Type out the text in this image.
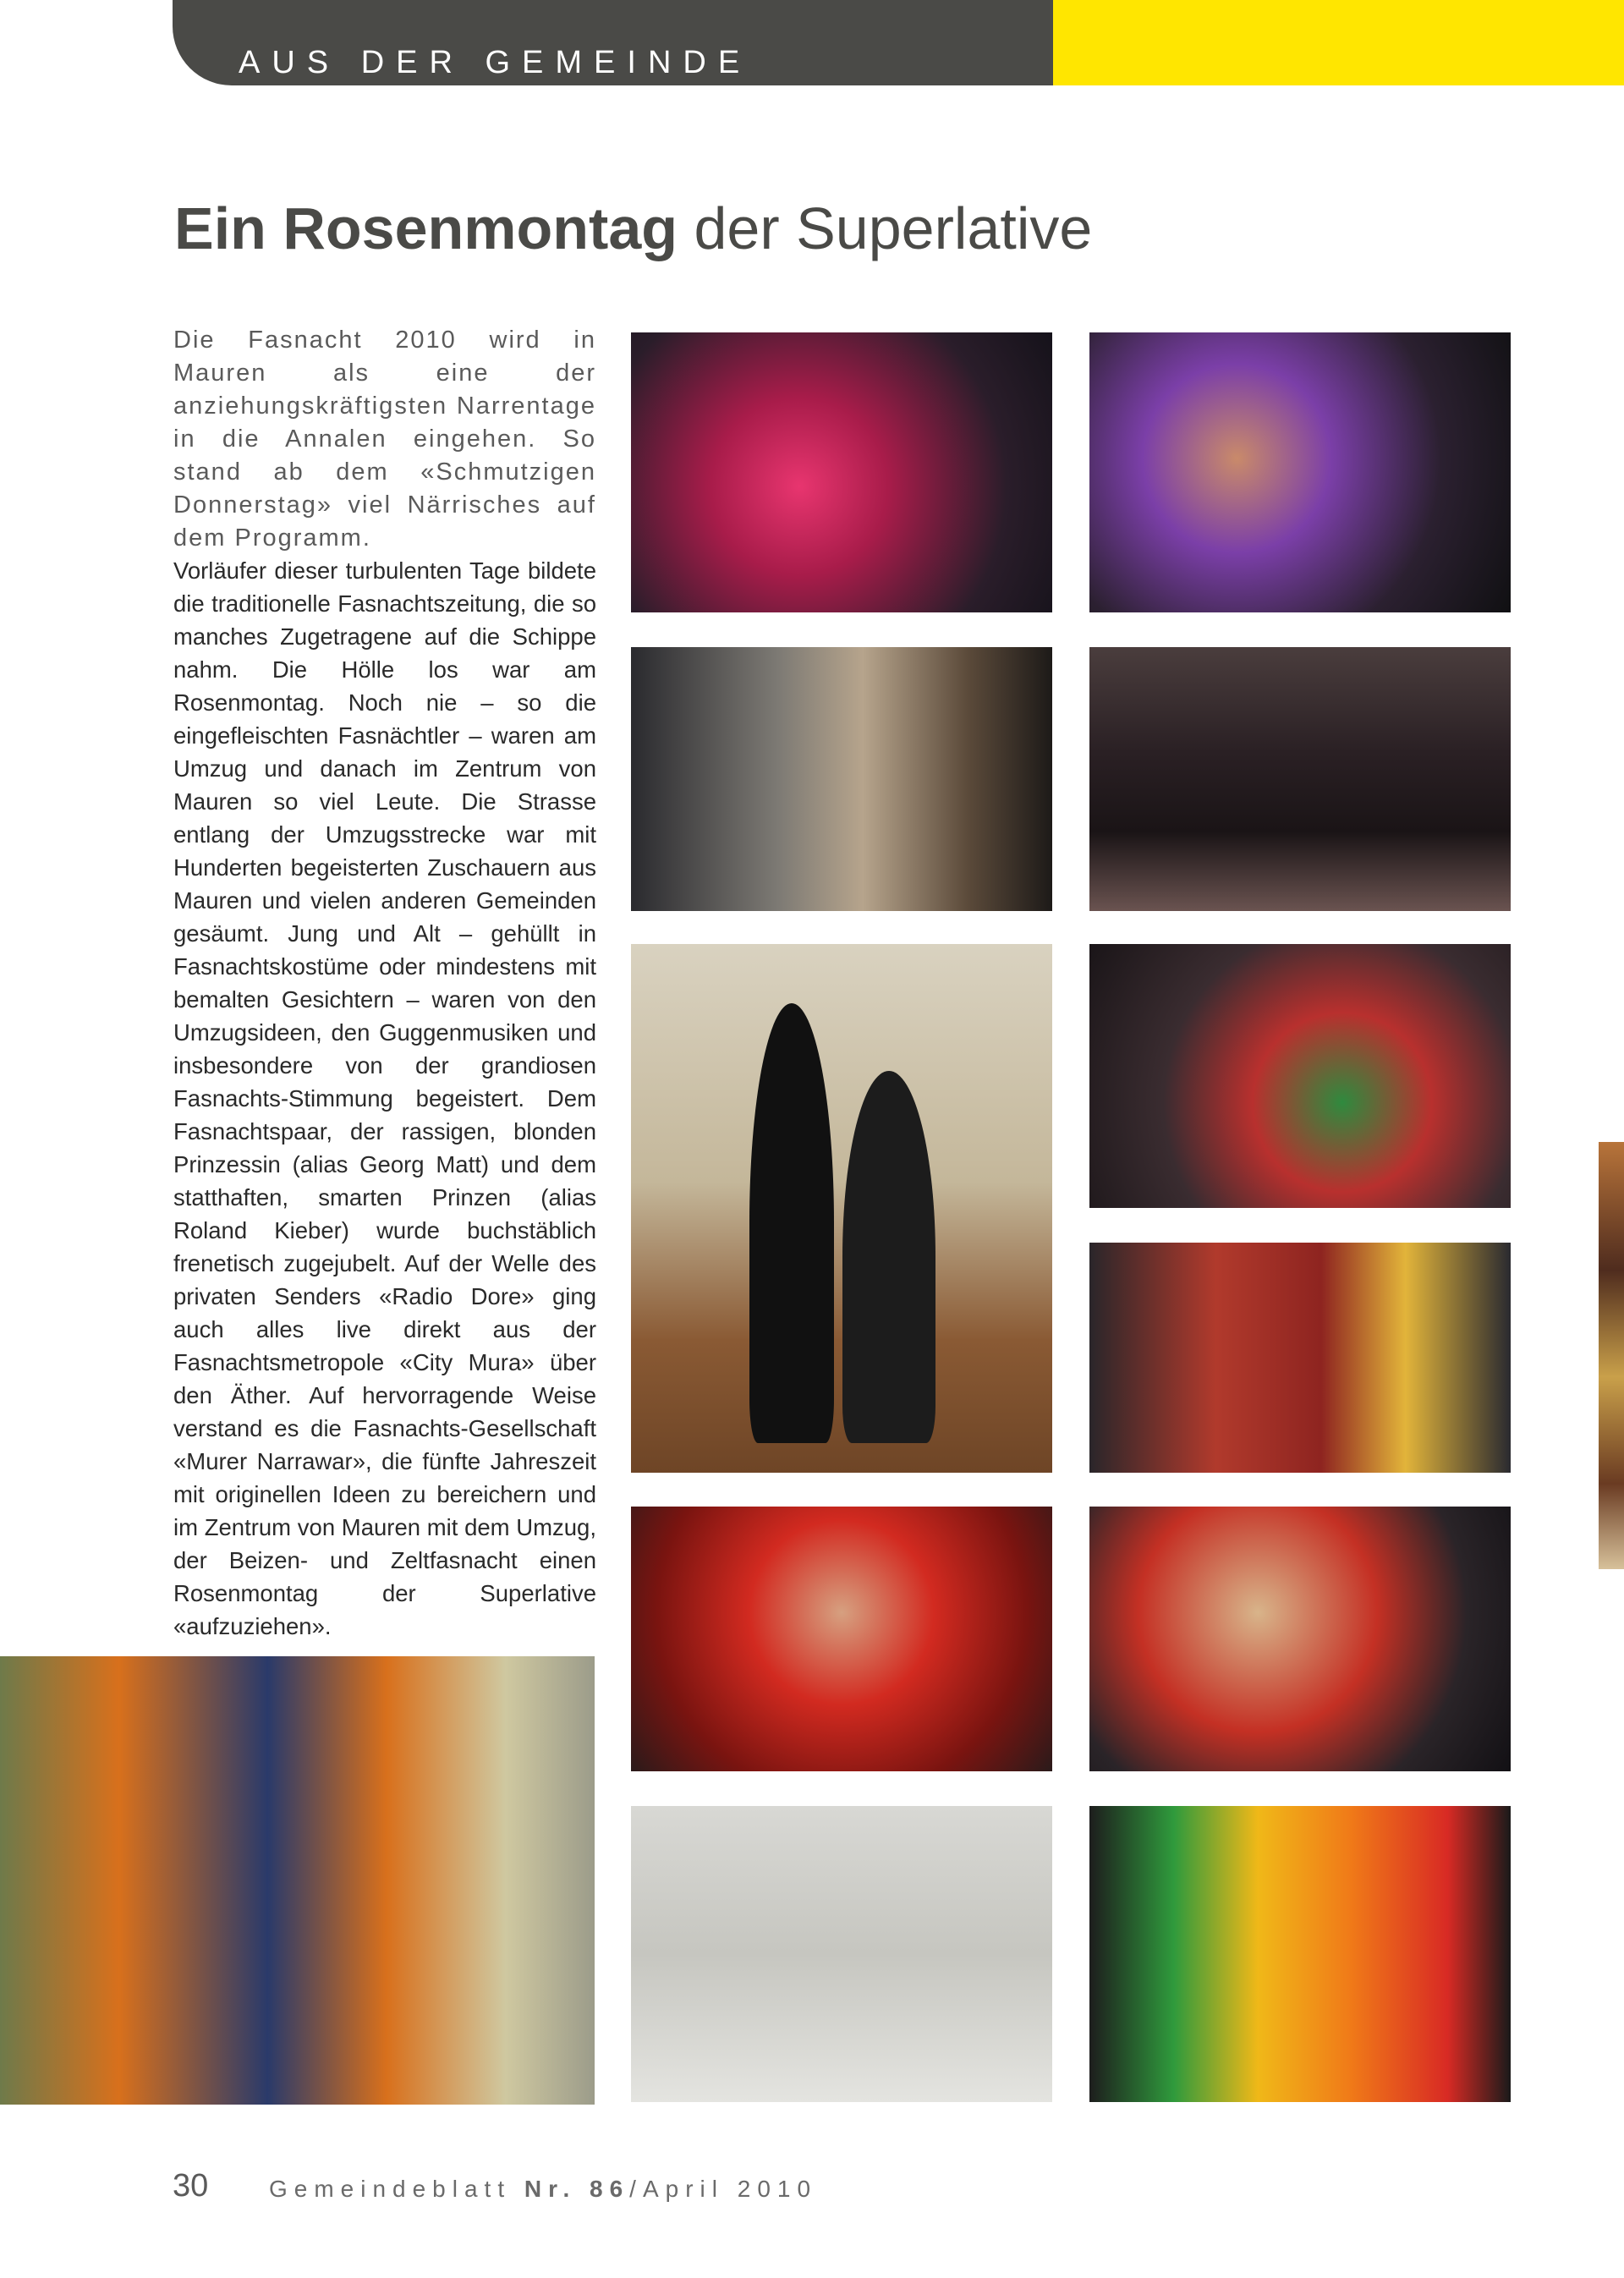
AUS DER GEMEINDE
Ein Rosenmontag der Superlative

Die Fasnacht 2010 wird in Mauren als eine der anziehungskräftigsten Narrentage in die Annalen eingehen. So stand ab dem «Schmutzigen Donnerstag» viel Närrisches auf dem Programm.

Vorläufer dieser turbulenten Tage bildete die traditionelle Fasnachtszeitung, die so manches Zugetragene auf die Schippe nahm. Die Hölle los war am Rosenmontag. Noch nie – so die eingefleischten Fasnächtler – waren am Umzug und danach im Zentrum von Mauren so viel Leute. Die Strasse entlang der Umzugsstrecke war mit Hunderten begeisterten Zuschauern aus Mauren und vielen anderen Gemeinden gesäumt. Jung und Alt – gehüllt in Fasnachtskostüme oder mindestens mit bemalten Gesichtern – waren von den Umzugsideen, den Guggenmusiken und insbesondere von der grandiosen Fasnachts-Stimmung begeistert. Dem Fasnachtspaar, der rassigen, blonden Prinzessin (alias Georg Matt) und dem statthaften, smarten Prinzen (alias Roland Kieber) wurde buchstäblich frenetisch zugejubelt. Auf der Welle des privaten Senders «Radio Dore» ging auch alles live direkt aus der Fasnachtsmetropole «City Mura» über den Äther. Auf hervorragende Weise verstand es die Fasnachts-Gesellschaft «Murer Narrawar», die fünfte Jahreszeit mit originellen Ideen zu bereichern und im Zentrum von Mauren mit dem Umzug, der Beizen- und Zeltfasnacht einen Rosenmontag der Superlative «aufzuziehen».

30	Gemeindeblatt Nr. 86/April 2010
